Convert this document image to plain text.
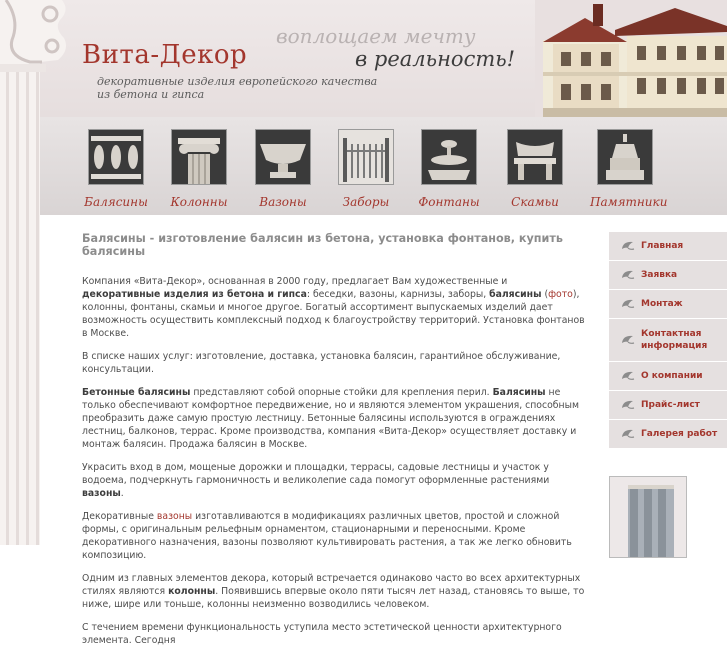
Вита-Декор
декоративные изделия европейского качества
из бетона и гипса
воплощаем мечту
в реальность!
Балясины	Колонны	Вазоны	Заборы	Фонтаны	Скамьи	Памятники
Балясины - изготовление балясин из бетона, установка фонтанов, купить балясины

Компания «Вита-Декор», основанная в 2000 году, предлагает Вам художественные и декоративные изделия из бетона и гипса: беседки, вазоны, карнизы, заборы, балясины (фото), колонны, фонтаны, скамьи и многое другое. Богатый ассортимент выпускаемых изделий дает возможность осуществить комплексный подход к благоустройству территорий. Установка фонтанов в Москве.

В списке наших услуг: изготовление, доставка, установка балясин, гарантийное обслуживание, консультации.

Бетонные балясины представляют собой опорные стойки для крепления перил. Балясины не только обеспечивают комфортное передвижение, но и являются элементом украшения, способным преобразить даже самую простую лестницу. Бетонные балясины используются в ограждениях лестниц, балконов, террас. Кроме производства, компания «Вита-Декор» осуществляет доставку и монтаж балясин. Продажа балясин в Москве.

Украсить вход в дом, мощеные дорожки и площадки, террасы, садовые лестницы и участок у водоема, подчеркнуть гармоничность и великолепие сада помогут оформленные растениями вазоны.

Декоративные вазоны изготавливаются в модификациях различных цветов, простой и сложной формы, с оригинальным рельефным орнаментом, стационарными и переносными. Кроме декоративного назначения, вазоны позволяют культивировать растения, а так же легко обновить композицию.

Одним из главных элементов декора, который встречается одинаково часто во всех архитектурных стилях являются колонны. Появившись впервые около пяти тысяч лет назад, становясь то выше, то ниже, шире или тоньше, колонны неизменно возводились человеком.

С течением времени функциональность уступила место эстетической ценности архитектурного элемента. Сегодня

Главная
Заявка
Монтаж
Контактная информация
О компании
Прайс-лист
Галерея работ
